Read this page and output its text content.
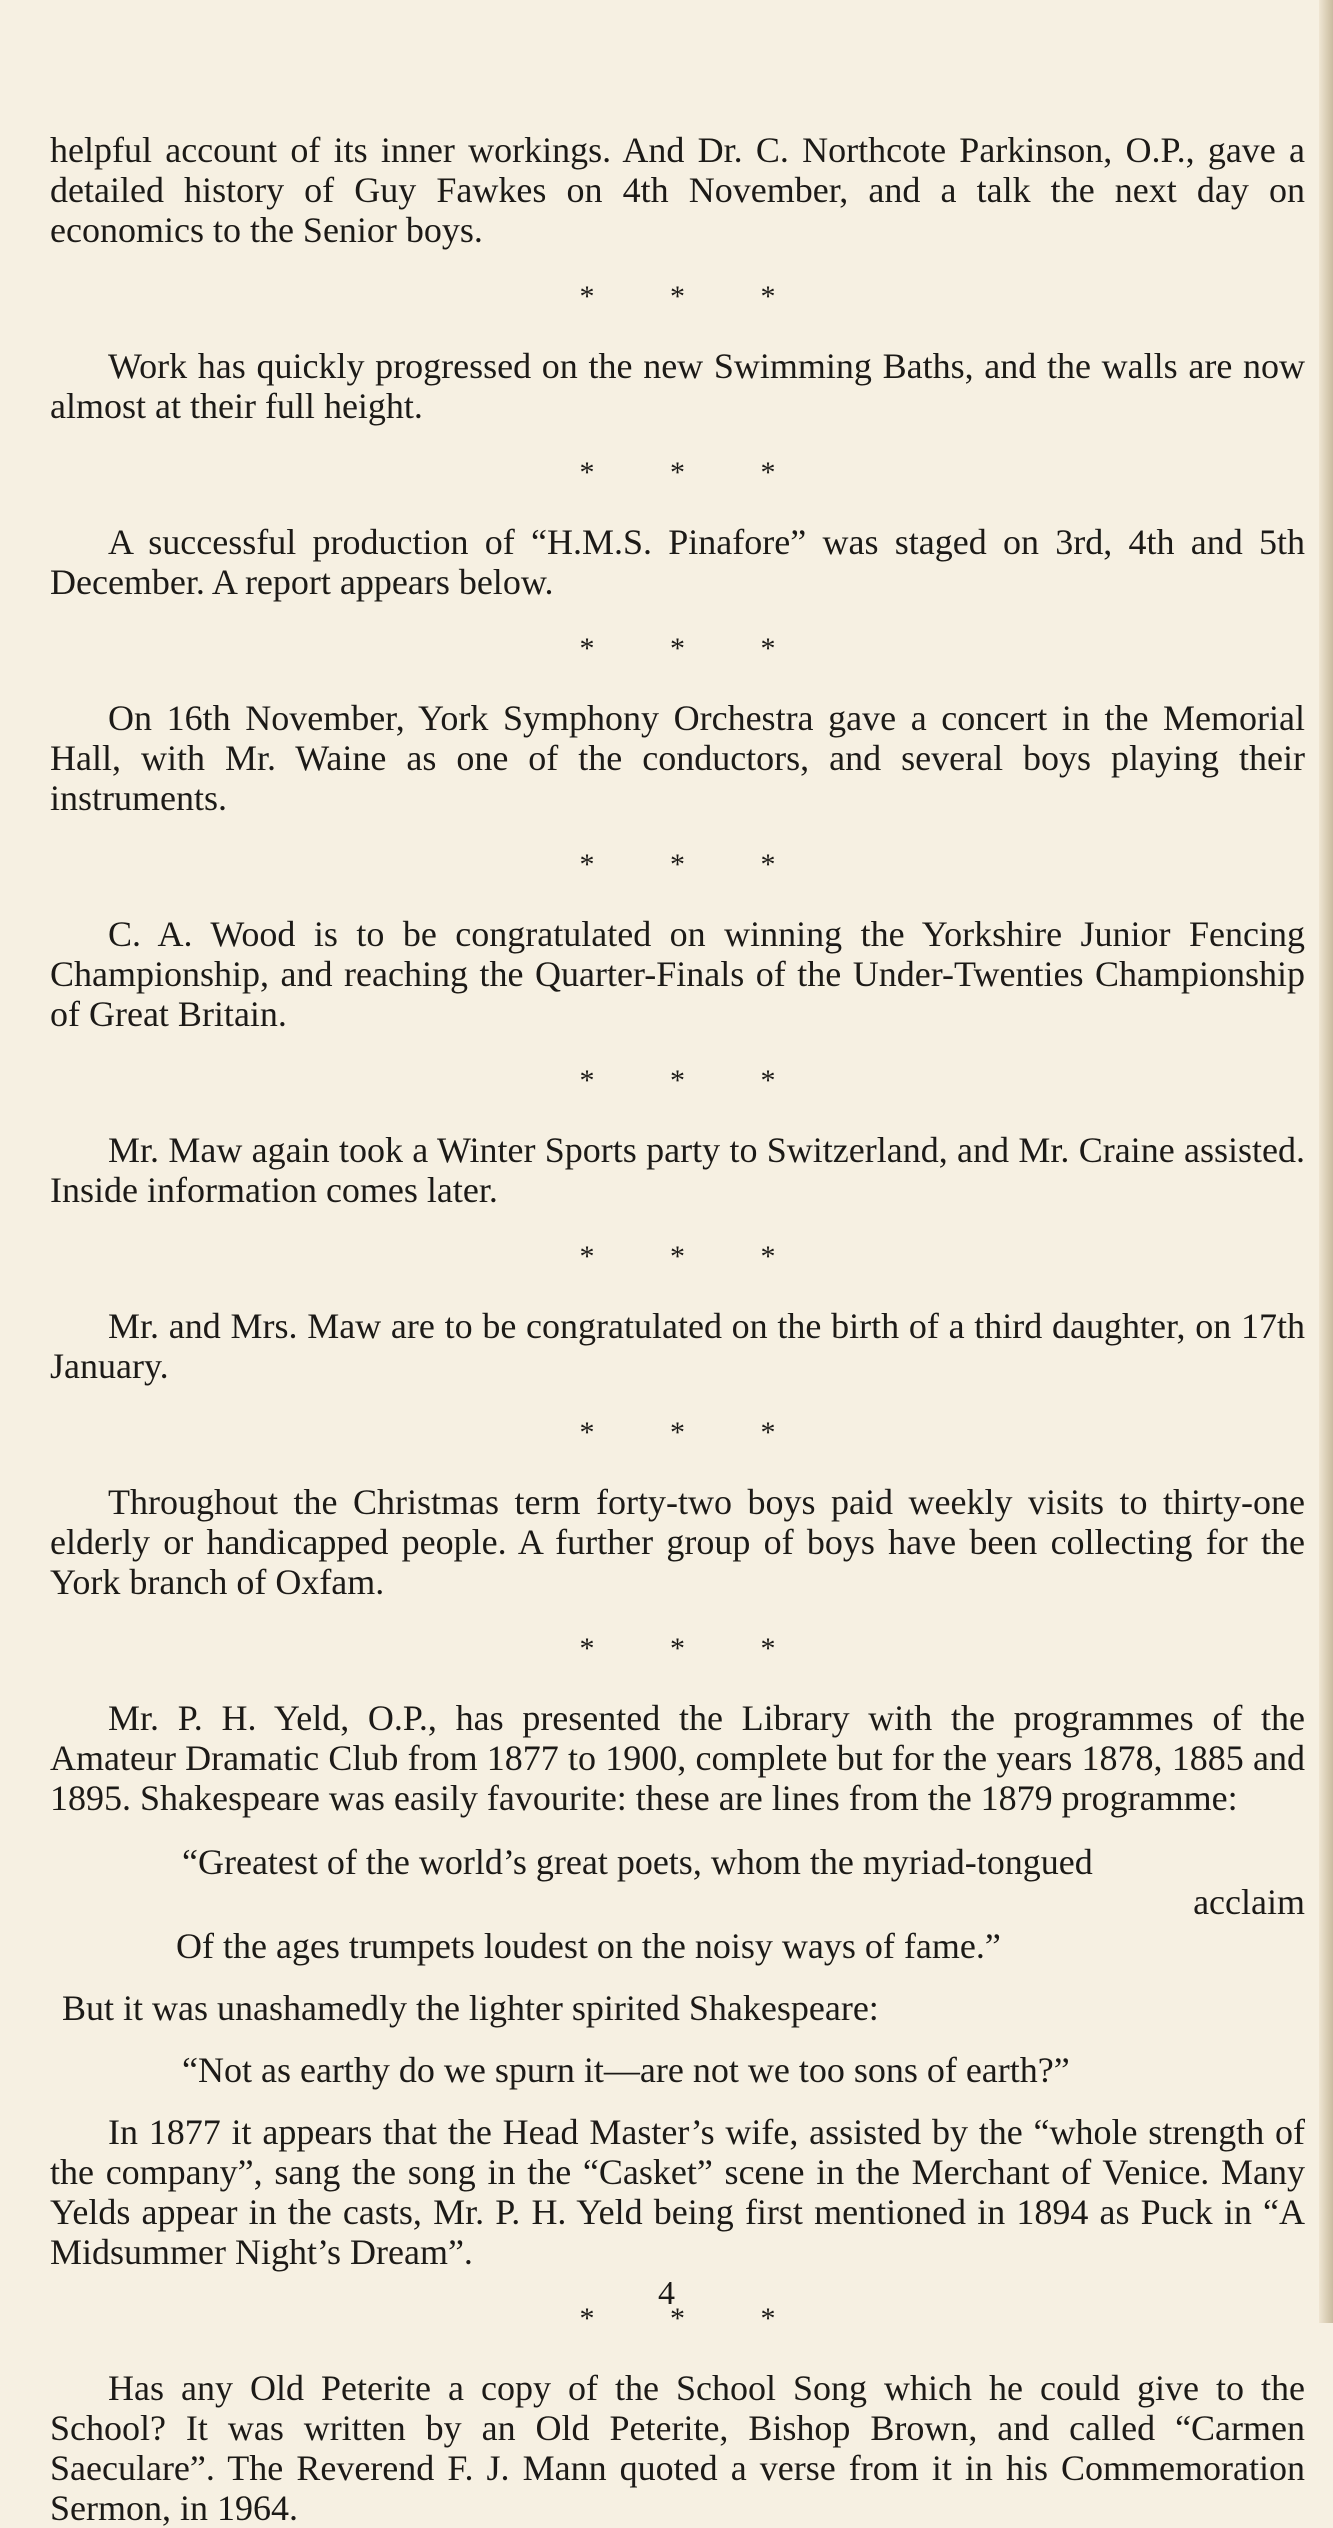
helpful account of its inner workings. And Dr. C. Northcote Parkinson, O.P., gave a detailed history of Guy Fawkes on 4th November, and a talk the next day on economics to the Senior boys.

* * *

Work has quickly progressed on the new Swimming Baths, and the walls are now almost at their full height.

* * *

A successful production of “H.M.S. Pinafore” was staged on 3rd, 4th and 5th December. A report appears below.

* * *

On 16th November, York Symphony Orchestra gave a concert in the Memorial Hall, with Mr. Waine as one of the conductors, and several boys playing their instruments.

* * *

C. A. Wood is to be congratulated on winning the Yorkshire Junior Fencing Championship, and reaching the Quarter-Finals of the Under-Twenties Championship of Great Britain.

* * *

Mr. Maw again took a Winter Sports party to Switzerland, and Mr. Craine assisted. Inside information comes later.

* * *

Mr. and Mrs. Maw are to be congratulated on the birth of a third daughter, on 17th January.

* * *

Throughout the Christmas term forty-two boys paid weekly visits to thirty-one elderly or handicapped people. A further group of boys have been collecting for the York branch of Oxfam.

* * *

Mr. P. H. Yeld, O.P., has presented the Library with the programmes of the Amateur Dramatic Club from 1877 to 1900, complete but for the years 1878, 1885 and 1895. Shakespeare was easily favourite: these are lines from the 1879 programme:

“Greatest of the world’s great poets, whom the myriad-tongued
acclaim
Of the ages trumpets loudest on the noisy ways of fame.”
But it was unashamedly the lighter spirited Shakespeare:
“Not as earthy do we spurn it—are not we too sons of earth?”

In 1877 it appears that the Head Master’s wife, assisted by the “whole strength of the company”, sang the song in the “Casket” scene in the Merchant of Venice. Many Yelds appear in the casts, Mr. P. H. Yeld being first mentioned in 1894 as Puck in “A Midsummer Night’s Dream”.

* * *

Has any Old Peterite a copy of the School Song which he could give to the School? It was written by an Old Peterite, Bishop Brown, and called “Carmen Saeculare”. The Reverend F. J. Mann quoted a verse from it in his Commemoration Sermon, in 1964.

4
